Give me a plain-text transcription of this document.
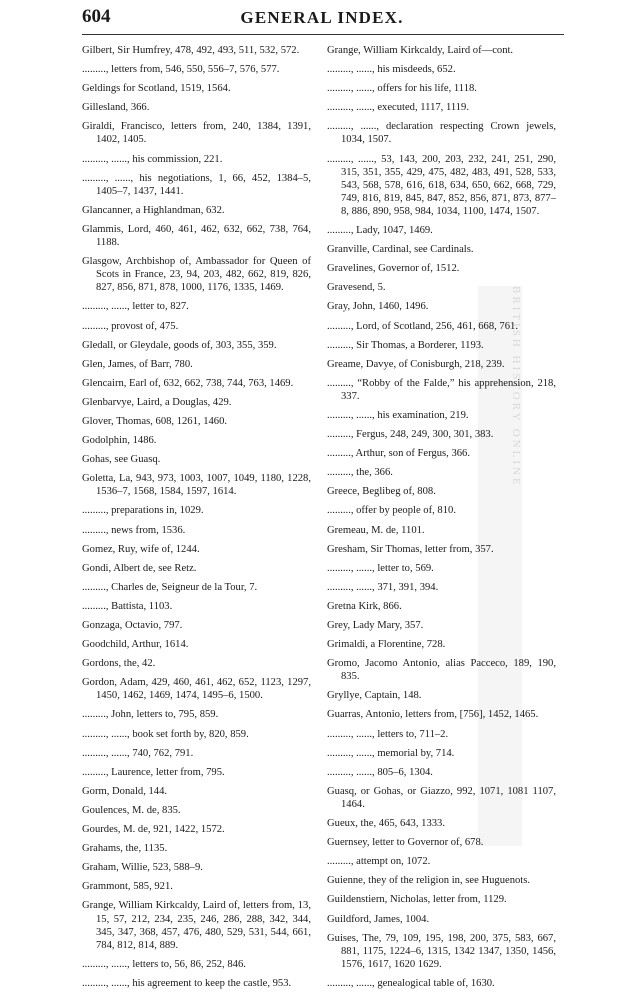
604	GENERAL INDEX.
BRITISH HISTORY ONLINE

Gilbert, Sir Humfrey, 478, 492, 493, 511, 532, 572.

........., letters from, 546, 550, 556–7, 576, 577.

Geldings for Scotland, 1519, 1564.

Gillesland, 366.

Giraldi, Francisco, letters from, 240, 1384, 1391, 1402, 1405.

........., ......, his commission, 221.

........., ......, his negotiations, 1, 66, 452, 1384–5, 1405–7, 1437, 1441.

Glancanner, a Highlandman, 632.

Glammis, Lord, 460, 461, 462, 632, 662, 738, 764, 1188.

Glasgow, Archbishop of, Ambassador for Queen of Scots in France, 23, 94, 203, 482, 662, 819, 826, 827, 856, 871, 878, 1000, 1176, 1335, 1469.

........., ......, letter to, 827.

........., provost of, 475.

Gledall, or Gleydale, goods of, 303, 355, 359.

Glen, James, of Barr, 780.

Glencairn, Earl of, 632, 662, 738, 744, 763, 1469.

Glenbarvye, Laird, a Douglas, 429.

Glover, Thomas, 608, 1261, 1460.

Godolphin, 1486.

Gohas, see Guasq.

Goletta, La, 943, 973, 1003, 1007, 1049, 1180, 1228, 1536–7, 1568, 1584, 1597, 1614.

........., preparations in, 1029.

........., news from, 1536.

Gomez, Ruy, wife of, 1244.

Gondi, Albert de, see Retz.

........., Charles de, Seigneur de la Tour, 7.

........., Battista, 1103.

Gonzaga, Octavio, 797.

Goodchild, Arthur, 1614.

Gordons, the, 42.

Gordon, Adam, 429, 460, 461, 462, 652, 1123, 1297, 1450, 1462, 1469, 1474, 1495–6, 1500.

........., John, letters to, 795, 859.

........., ......, book set forth by, 820, 859.

........., ......, 740, 762, 791.

........., Laurence, letter from, 795.

Gorm, Donald, 144.

Goulences, M. de, 835.

Gourdes, M. de, 921, 1422, 1572.

Grahams, the, 1135.

Graham, Willie, 523, 588–9.

Grammont, 585, 921.

Grange, William Kirkcaldy, Laird of, letters from, 13, 15, 57, 212, 234, 235, 246, 286, 288, 342, 344, 345, 347, 368, 457, 476, 480, 529, 531, 544, 661, 784, 812, 814, 889.

........., ......, letters to, 56, 86, 252, 846.

........., ......, his agreement to keep the castle, 953.

Grange, William Kirkcaldy, Laird of—cont.

........., ......, his misdeeds, 652.

........., ......, offers for his life, 1118.

........., ......, executed, 1117, 1119.

........., ......, declaration respecting Crown jewels, 1034, 1507.

........., ......, 53, 143, 200, 203, 232, 241, 251, 290, 315, 351, 355, 429, 475, 482, 483, 491, 528, 533, 543, 568, 578, 616, 618, 634, 650, 662, 668, 729, 749, 816, 819, 845, 847, 852, 856, 871, 873, 877–8, 886, 890, 958, 984, 1034, 1100, 1474, 1507.

........., Lady, 1047, 1469.

Granville, Cardinal, see Cardinals.

Gravelines, Governor of, 1512.

Gravesend, 5.

Gray, John, 1460, 1496.

........., Lord, of Scotland, 256, 461, 668, 761.

........., Sir Thomas, a Borderer, 1193.

Greame, Davye, of Conisburgh, 218, 239.

........., “Robby of the Falde,” his apprehension, 218, 337.

........., ......, his examination, 219.

........., Fergus, 248, 249, 300, 301, 383.

........., Arthur, son of Fergus, 366.

........., the, 366.

Greece, Beglibeg of, 808.

........., offer by people of, 810.

Gremeau, M. de, 1101.

Gresham, Sir Thomas, letter from, 357.

........., ......, letter to, 569.

........., ......, 371, 391, 394.

Gretna Kirk, 866.

Grey, Lady Mary, 357.

Grimaldi, a Florentine, 728.

Gromo, Jacomo Antonio, alias Pacceco, 189, 190, 835.

Gryllye, Captain, 148.

Guarras, Antonio, letters from, [756], 1452, 1465.

........., ......, letters to, 711–2.

........., ......, memorial by, 714.

........., ......, 805–6, 1304.

Guasq, or Gohas, or Giazzo, 992, 1071, 1081 1107, 1464.

Gueux, the, 465, 643, 1333.

Guernsey, letter to Governor of, 678.

........., attempt on, 1072.

Guienne, they of the religion in, see Huguenots.

Guildenstiern, Nicholas, letter from, 1129.

Guildford, James, 1004.

Guises, The, 79, 109, 195, 198, 200, 375, 583, 667, 881, 1175, 1224–6, 1315, 1342 1347, 1350, 1456, 1576, 1617, 1620 1629.

........., ......, genealogical table of, 1630.
